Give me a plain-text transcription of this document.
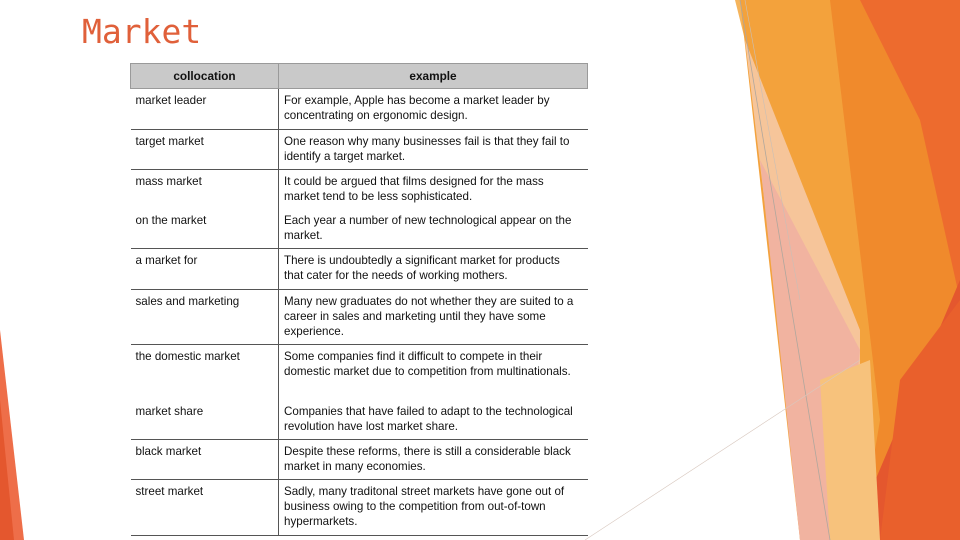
Market
collocation	example
market leader	For example, Apple has become a market leader by concentrating on ergonomic design.
target market	One reason why many businesses fail is that they fail to identify a target market.
mass market	It could be argued that films designed for the mass market tend to be less sophisticated.
on the market	Each year a number of new technological appear on the market.
a market for	There is undoubtedly a significant market for products that cater for the needs of working mothers.
sales and marketing	Many new graduates do not whether they are suited to a career in sales and marketing until they have some experience.
the domestic market	Some companies find it difficult to compete in their domestic market due to competition from multinationals.
market share	Companies that have failed to adapt to the technological revolution have lost market share.
black market	Despite these reforms, there is still a considerable black market in many economies.
street market	Sadly, many traditonal street markets have gone out of business owing to the competition from out-of-town hypermarkets.
